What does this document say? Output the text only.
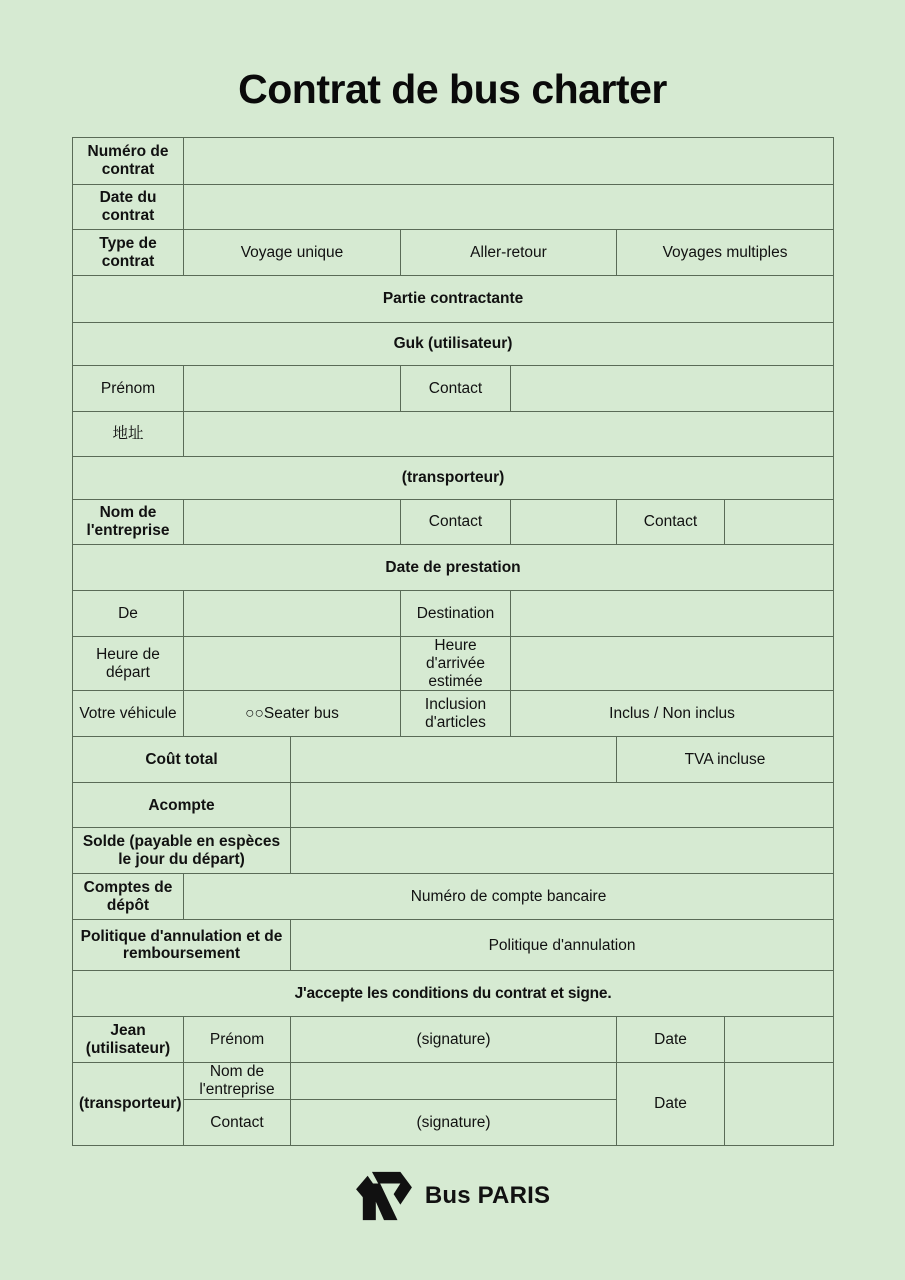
Contrat de bus charter
Numéro de contrat						
Date du contrat						
Type de contrat	Voyage unique		Aller-retour		Voyages multiples	
Partie contractante						
Guk (utilisateur)						
Prénom			Contact			
地址						
(transporteur)						
Nom de l'entreprise			Contact		Contact	
Date de prestation						
De			Destination			
Heure de départ			Heure d'arrivée estimée			
Votre véhicule	○○Seater bus		Inclusion d'articles	Inclus / Non inclus		
Coût total					TVA incluse	
Acompte						
Solde (payable en espèces le jour du départ)						
Comptes de dépôt	Numéro de compte bancaire					
Politique d'annulation et de remboursement		Politique d'annulation				
J'accepte les conditions du contrat et signe.						
Jean (utilisateur)	Prénom	(signature)			Date	
(transporteur)	Nom de l'entreprise				Date	
	Contact	(signature)				
Bus PARIS
